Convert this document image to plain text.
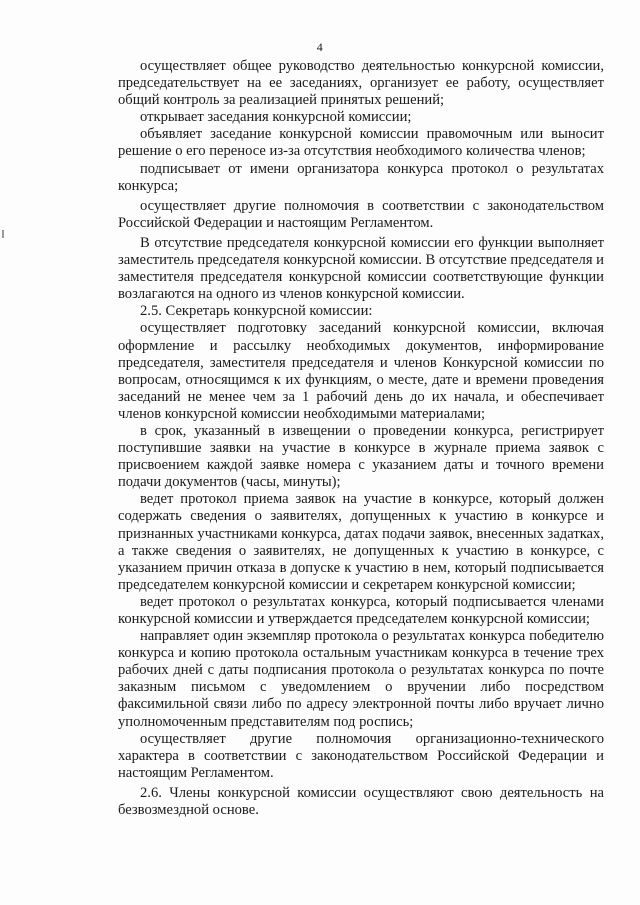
4

осуществляет общее руководство деятельностью конкурсной комиссии, председательствует на ее заседаниях, организует ее работу, осуществляет общий контроль за реализацией принятых решений;

открывает заседания конкурсной комиссии;

объявляет заседание конкурсной комиссии правомочным или выносит решение о его переносе из-за отсутствия необходимого количества членов;

подписывает от имени организатора конкурса протокол о результатах конкурса;

осуществляет другие полномочия в соответствии с законодательством Российской Федерации и настоящим Регламентом.

В отсутствие председателя конкурсной комиссии его функции выполняет заместитель председателя конкурсной комиссии. В отсутствие председателя и заместителя председателя конкурсной комиссии соответствующие функции возлагаются на одного из членов конкурсной комиссии.

2.5. Секретарь конкурсной комиссии:

осуществляет подготовку заседаний конкурсной комиссии, включая оформление и рассылку необходимых документов, информирование председателя, заместителя председателя и членов Конкурсной комиссии по вопросам, относящимся к их функциям, о месте, дате и времени проведения заседаний не менее чем за 1 рабочий день до их начала, и обеспечивает членов конкурсной комиссии необходимыми материалами;

в срок, указанный в извещении о проведении конкурса, регистрирует поступившие заявки на участие в конкурсе в журнале приема заявок с присвоением каждой заявке номера с указанием даты и точного времени подачи документов (часы, минуты);

ведет протокол приема заявок на участие в конкурсе, который должен содержать сведения о заявителях, допущенных к участию в конкурсе и признанных участниками конкурса, датах подачи заявок, внесенных задатках, а также сведения о заявителях, не допущенных к участию в конкурсе, с указанием причин отказа в допуске к участию в нем, который подписывается председателем конкурсной комиссии и секретарем конкурсной комиссии;

ведет протокол о результатах конкурса, который подписывается членами конкурсной комиссии и утверждается председателем конкурсной комиссии;

направляет один экземпляр протокола о результатах конкурса победителю конкурса и копию протокола остальным участникам конкурса в течение трех рабочих дней с даты подписания протокола о результатах конкурса по почте заказным письмом с уведомлением о вручении либо посредством факсимильной связи либо по адресу электронной почты либо вручает лично уполномоченным представителям под роспись;

осуществляет другие полномочия организационно-технического характера в соответствии с законодательством Российской Федерации и настоящим Регламентом.

2.6. Члены конкурсной комиссии осуществляют свою деятельность на безвозмездной основе.
